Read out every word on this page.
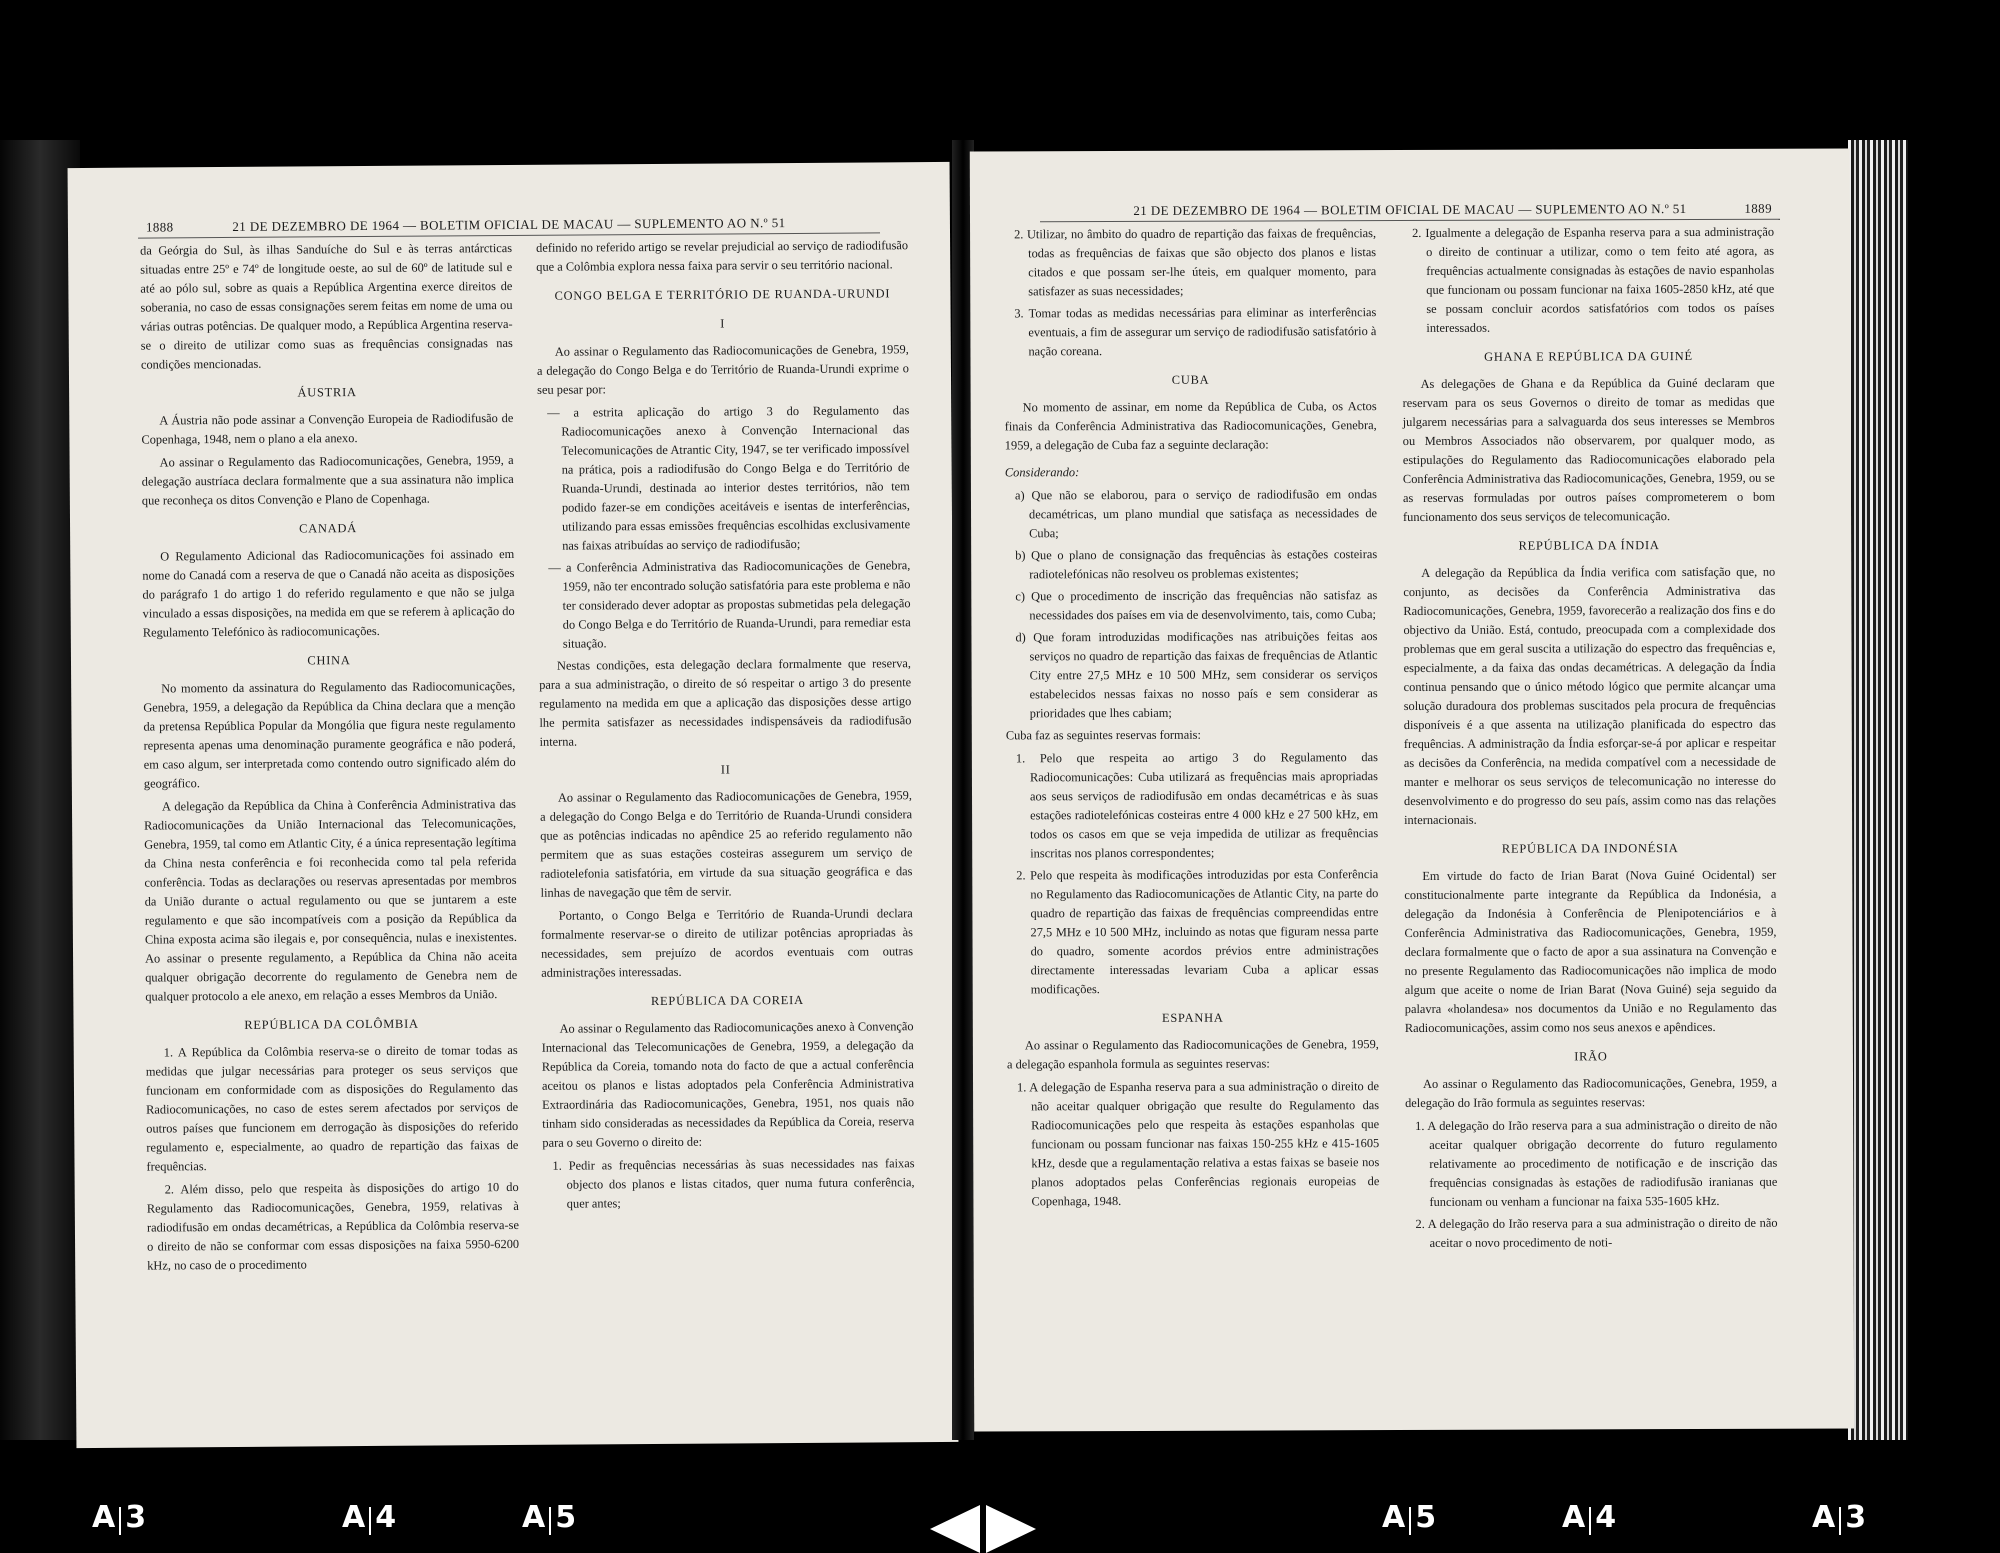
1888	21 DE DEZEMBRO DE 1964 — BOLETIM OFICIAL DE MACAU — SUPLEMENTO AO N.º 51

da Geórgia do Sul, às ilhas Sanduíche do Sul e às terras antárcticas situadas entre 25º e 74º de longitude oeste, ao sul de 60º de latitude sul e até ao pólo sul, sobre as quais a República Argentina exerce direitos de soberania, no caso de essas consignações serem feitas em nome de uma ou várias outras potências. De qualquer modo, a República Argentina reserva-se o direito de utilizar como suas as frequências consignadas nas condições mencionadas.

ÁUSTRIA

A Áustria não pode assinar a Convenção Europeia de Radiodifusão de Copenhaga, 1948, nem o plano a ela anexo.

Ao assinar o Regulamento das Radiocomunicações, Genebra, 1959, a delegação austríaca declara formalmente que a sua assinatura não implica que reconheça os ditos Convenção e Plano de Copenhaga.

CANADÁ

O Regulamento Adicional das Radiocomunicações foi assinado em nome do Canadá com a reserva de que o Canadá não aceita as disposições do parágrafo 1 do artigo 1 do referido regulamento e que não se julga vinculado a essas disposições, na medida em que se referem à aplicação do Regulamento Telefónico às radiocomunicações.

CHINA

No momento da assinatura do Regulamento das Radiocomunicações, Genebra, 1959, a delegação da República da China declara que a menção da pretensa República Popular da Mongólia que figura neste regulamento representa apenas uma denominação puramente geográfica e não poderá, em caso algum, ser interpretada como contendo outro significado além do geográfico.

A delegação da República da China à Conferência Administrativa das Radiocomunicações da União Internacional das Telecomunicações, Genebra, 1959, tal como em Atlantic City, é a única representação legítima da China nesta conferência e foi reconhecida como tal pela referida conferência. Todas as declarações ou reservas apresentadas por membros da União durante o actual regulamento ou que se juntarem a este regulamento e que são incompatíveis com a posição da República da China exposta acima são ilegais e, por consequência, nulas e inexistentes. Ao assinar o presente regulamento, a República da China não aceita qualquer obrigação decorrente do regulamento de Genebra nem de qualquer protocolo a ele anexo, em relação a esses Membros da União.

REPÚBLICA DA COLÔMBIA

1. A República da Colômbia reserva-se o direito de tomar todas as medidas que julgar necessárias para proteger os seus serviços que funcionam em conformidade com as disposições do Regulamento das Radiocomunicações, no caso de estes serem afectados por serviços de outros países que funcionem em derrogação às disposições do referido regulamento e, especialmente, ao quadro de repartição das faixas de frequências.

2. Além disso, pelo que respeita às disposições do artigo 10 do Regulamento das Radiocomunicações, Genebra, 1959, relativas à radiodifusão em ondas decamétricas, a República da Colômbia reserva-se o direito de não se conformar com essas disposições na faixa 5950-6200 kHz, no caso de o procedimento

definido no referido artigo se revelar prejudicial ao serviço de radiodifusão que a Colômbia explora nessa faixa para servir o seu território nacional.

CONGO BELGA E TERRITÓRIO DE RUANDA-URUNDI
I

Ao assinar o Regulamento das Radiocomunicações de Genebra, 1959, a delegação do Congo Belga e do Território de Ruanda-Urundi exprime o seu pesar por:

— a estrita aplicação do artigo 3 do Regulamento das Radiocomunicações anexo à Convenção Internacional das Telecomunicações de Atrantic City, 1947, se ter verificado impossível na prática, pois a radiodifusão do Congo Belga e do Território de Ruanda-Urundi, destinada ao interior destes territórios, não tem podido fazer-se em condições aceitáveis e isentas de interferências, utilizando para essas emissões frequências escolhidas exclusivamente nas faixas atribuídas ao serviço de radiodifusão;

— a Conferência Administrativa das Radiocomunicações de Genebra, 1959, não ter encontrado solução satisfatória para este problema e não ter considerado dever adoptar as propostas submetidas pela delegação do Congo Belga e do Território de Ruanda-Urundi, para remediar esta situação.

Nestas condições, esta delegação declara formalmente que reserva, para a sua administração, o direito de só respeitar o artigo 3 do presente regulamento na medida em que a aplicação das disposições desse artigo lhe permita satisfazer as necessidades indispensáveis da radiodifusão interna.

II

Ao assinar o Regulamento das Radiocomunicações de Genebra, 1959, a delegação do Congo Belga e do Território de Ruanda-Urundi considera que as potências indicadas no apêndice 25 ao referido regulamento não permitem que as suas estações costeiras assegurem um serviço de radiotelefonia satisfatória, em virtude da sua situação geográfica e das linhas de navegação que têm de servir.

Portanto, o Congo Belga e Território de Ruanda-Urundi declara formalmente reservar-se o direito de utilizar potências apropriadas às necessidades, sem prejuízo de acordos eventuais com outras administrações interessadas.

REPÚBLICA DA COREIA

Ao assinar o Regulamento das Radiocomunicações anexo à Convenção Internacional das Telecomunicações de Genebra, 1959, a delegação da República da Coreia, tomando nota do facto de que a actual conferência aceitou os planos e listas adoptados pela Conferência Administrativa Extraordinária das Radiocomunicações, Genebra, 1951, nos quais não tinham sido consideradas as necessidades da República da Coreia, reserva para o seu Governo o direito de:

1. Pedir as frequências necessárias às suas necessidades nas faixas objecto dos planos e listas citados, quer numa futura conferência, quer antes;

21 DE DEZEMBRO DE 1964 — BOLETIM OFICIAL DE MACAU — SUPLEMENTO AO N.º 51	1889

2. Utilizar, no âmbito do quadro de repartição das faixas de frequências, todas as frequências de faixas que são objecto dos planos e listas citados e que possam ser-lhe úteis, em qualquer momento, para satisfazer as suas necessidades;

3. Tomar todas as medidas necessárias para eliminar as interferências eventuais, a fim de assegurar um serviço de radiodifusão satisfatório à nação coreana.

CUBA

No momento de assinar, em nome da República de Cuba, os Actos finais da Conferência Administrativa das Radiocomunicações, Genebra, 1959, a delegação de Cuba faz a seguinte declaração:

Considerando:

a) Que não se elaborou, para o serviço de radiodifusão em ondas decamétricas, um plano mundial que satisfaça as necessidades de Cuba;

b) Que o plano de consignação das frequências às estações costeiras radiotelefónicas não resolveu os problemas existentes;

c) Que o procedimento de inscrição das frequências não satisfaz as necessidades dos países em via de desenvolvimento, tais, como Cuba;

d) Que foram introduzidas modificações nas atribuições feitas aos serviços no quadro de repartição das faixas de frequências de Atlantic City entre 27,5 MHz e 10 500 MHz, sem considerar os serviços estabelecidos nessas faixas no nosso país e sem considerar as prioridades que lhes cabiam;

Cuba faz as seguintes reservas formais:

1. Pelo que respeita ao artigo 3 do Regulamento das Radiocomunicações: Cuba utilizará as frequências mais apropriadas aos seus serviços de radiodifusão em ondas decamétricas e às suas estações radiotelefónicas costeiras entre 4 000 kHz e 27 500 kHz, em todos os casos em que se veja impedida de utilizar as frequências inscritas nos planos correspondentes;

2. Pelo que respeita às modificações introduzidas por esta Conferência no Regulamento das Radiocomunicações de Atlantic City, na parte do quadro de repartição das faixas de frequências compreendidas entre 27,5 MHz e 10 500 MHz, incluindo as notas que figuram nessa parte do quadro, somente acordos prévios entre administrações directamente interessadas levariam Cuba a aplicar essas modificações.

ESPANHA

Ao assinar o Regulamento das Radiocomunicações de Genebra, 1959, a delegação espanhola formula as seguintes reservas:

1. A delegação de Espanha reserva para a sua administração o direito de não aceitar qualquer obrigação que resulte do Regulamento das Radiocomunicações pelo que respeita às estações espanholas que funcionam ou possam funcionar nas faixas 150-255 kHz e 415-1605 kHz, desde que a regulamentação relativa a estas faixas se baseie nos planos adoptados pelas Conferências regionais europeias de Copenhaga, 1948.

2. Igualmente a delegação de Espanha reserva para a sua administração o direito de continuar a utilizar, como o tem feito até agora, as frequências actualmente consignadas às estações de navio espanholas que funcionam ou possam funcionar na faixa 1605-2850 kHz, até que se possam concluir acordos satisfatórios com todos os países interessados.

GHANA E REPÚBLICA DA GUINÉ

As delegações de Ghana e da República da Guiné declaram que reservam para os seus Governos o direito de tomar as medidas que julgarem necessárias para a salvaguarda dos seus interesses se Membros ou Membros Associados não observarem, por qualquer modo, as estipulações do Regulamento das Radiocomunicações elaborado pela Conferência Administrativa das Radiocomunicações, Genebra, 1959, ou se as reservas formuladas por outros países comprometerem o bom funcionamento dos seus serviços de telecomunicação.

REPÚBLICA DA ÍNDIA

A delegação da República da Índia verifica com satisfação que, no conjunto, as decisões da Conferência Administrativa das Radiocomunicações, Genebra, 1959, favorecerão a realização dos fins e do objectivo da União. Está, contudo, preocupada com a complexidade dos problemas que em geral suscita a utilização do espectro das frequências e, especialmente, a da faixa das ondas decamétricas. A delegação da Índia continua pensando que o único método lógico que permite alcançar uma solução duradoura dos problemas suscitados pela procura de frequências disponíveis é a que assenta na utilização planificada do espectro das frequências. A administração da Índia esforçar-se-á por aplicar e respeitar as decisões da Conferência, na medida compatível com a necessidade de manter e melhorar os seus serviços de telecomunicação no interesse do desenvolvimento e do progresso do seu país, assim como nas das relações internacionais.

REPÚBLICA DA INDONÉSIA

Em virtude do facto de Irian Barat (Nova Guiné Ocidental) ser constitucionalmente parte integrante da República da Indonésia, a delegação da Indonésia à Conferência de Plenipotenciários e à Conferência Administrativa das Radiocomunicações, Genebra, 1959, declara formalmente que o facto de apor a sua assinatura na Convenção e no presente Regulamento das Radiocomunicações não implica de modo algum que aceite o nome de Irian Barat (Nova Guiné) seja seguido da palavra «holandesa» nos documentos da União e no Regulamento das Radiocomunicações, assim como nos seus anexos e apêndices.

IRÃO

Ao assinar o Regulamento das Radiocomunicações, Genebra, 1959, a delegação do Irão formula as seguintes reservas:

1. A delegação do Irão reserva para a sua administração o direito de não aceitar qualquer obrigação decorrente do futuro regulamento relativamente ao procedimento de notificação e de inscrição das frequências consignadas às estações de radiodifusão iranianas que funcionam ou venham a funcionar na faixa 535-1605 kHz.

2. A delegação do Irão reserva para a sua administração o direito de não aceitar o novo procedimento de noti-

A 3	A 4	A 5	A 5	A 4	A 3
